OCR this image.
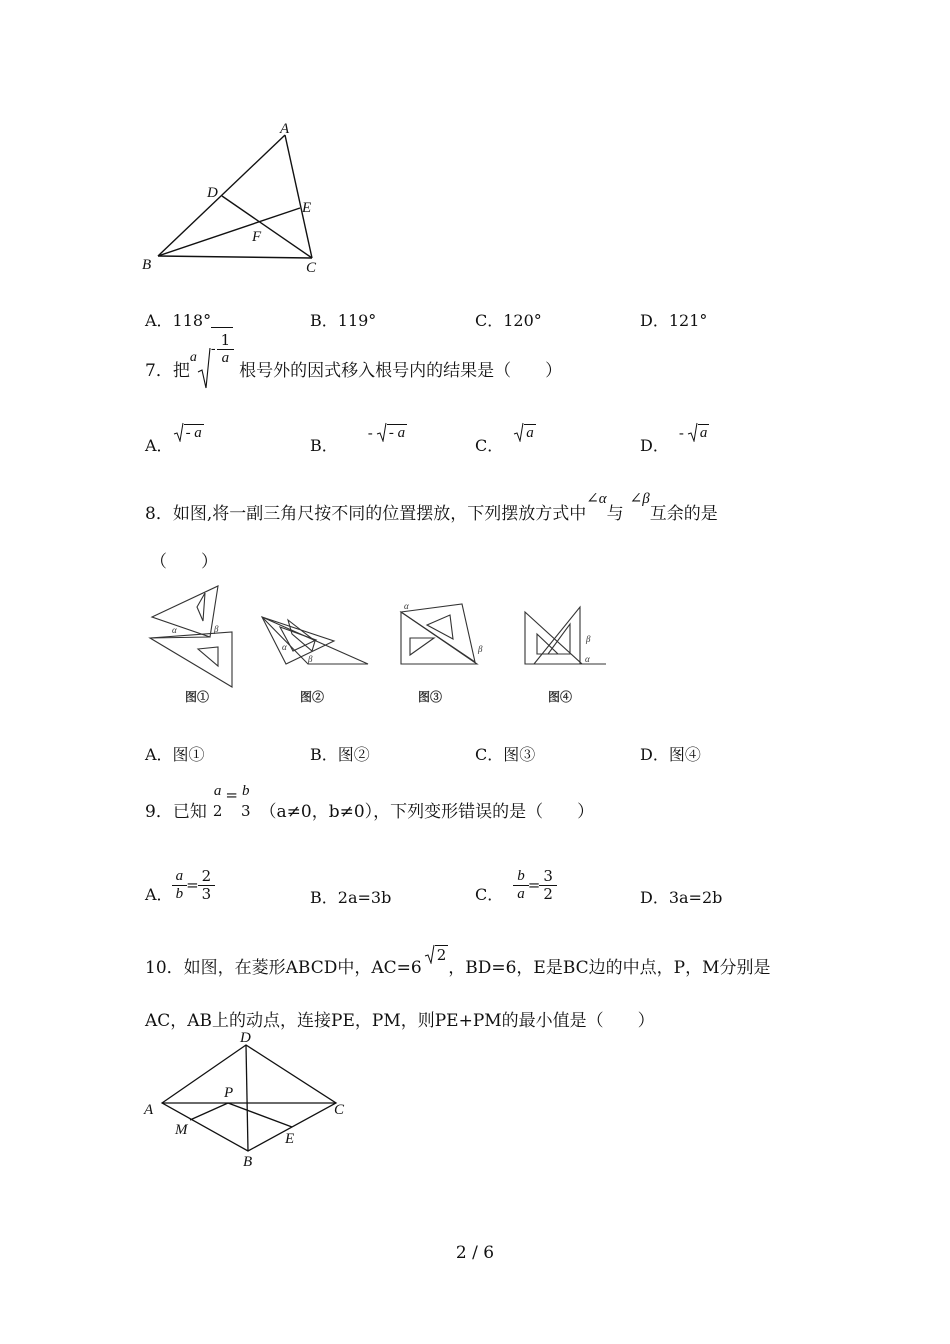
A
D
E
F
B	C
A．118°	B．119°	C．120°	D．121°
7．把
a
- $\frac{1}{a}$
根号外的因式移入根号内的结果是（　　）
A．
- a
B．
- - a
C．
a
D．
- a
8．如图,将一副三角尺按不同的位置摆放，下列摆放方式中
∠α
与
∠β
互余的是
（　　）
α	β
α
β
α
β
β
α
图①	图②	图③	图④
A．图①	B．图②	C．图③	D．图④
9．已知
a
2
= b
3 （a≠0，b≠0），下列变形错误的是（　　）
A． $\frac{a}{b} = \frac{2}{3}$	B．2a=3b	C． $\frac{b}{a} = \frac{3}{2}$	D．3a=2b
10．如图，在菱形ABCD中，AC=6
2
，BD=6，E是BC边的中点，P，M分别是
AC，AB上的动点，连接PE，PM，则PE+PM的最小值是（　　）
D
A
P
C
M
E
B
2 / 6
